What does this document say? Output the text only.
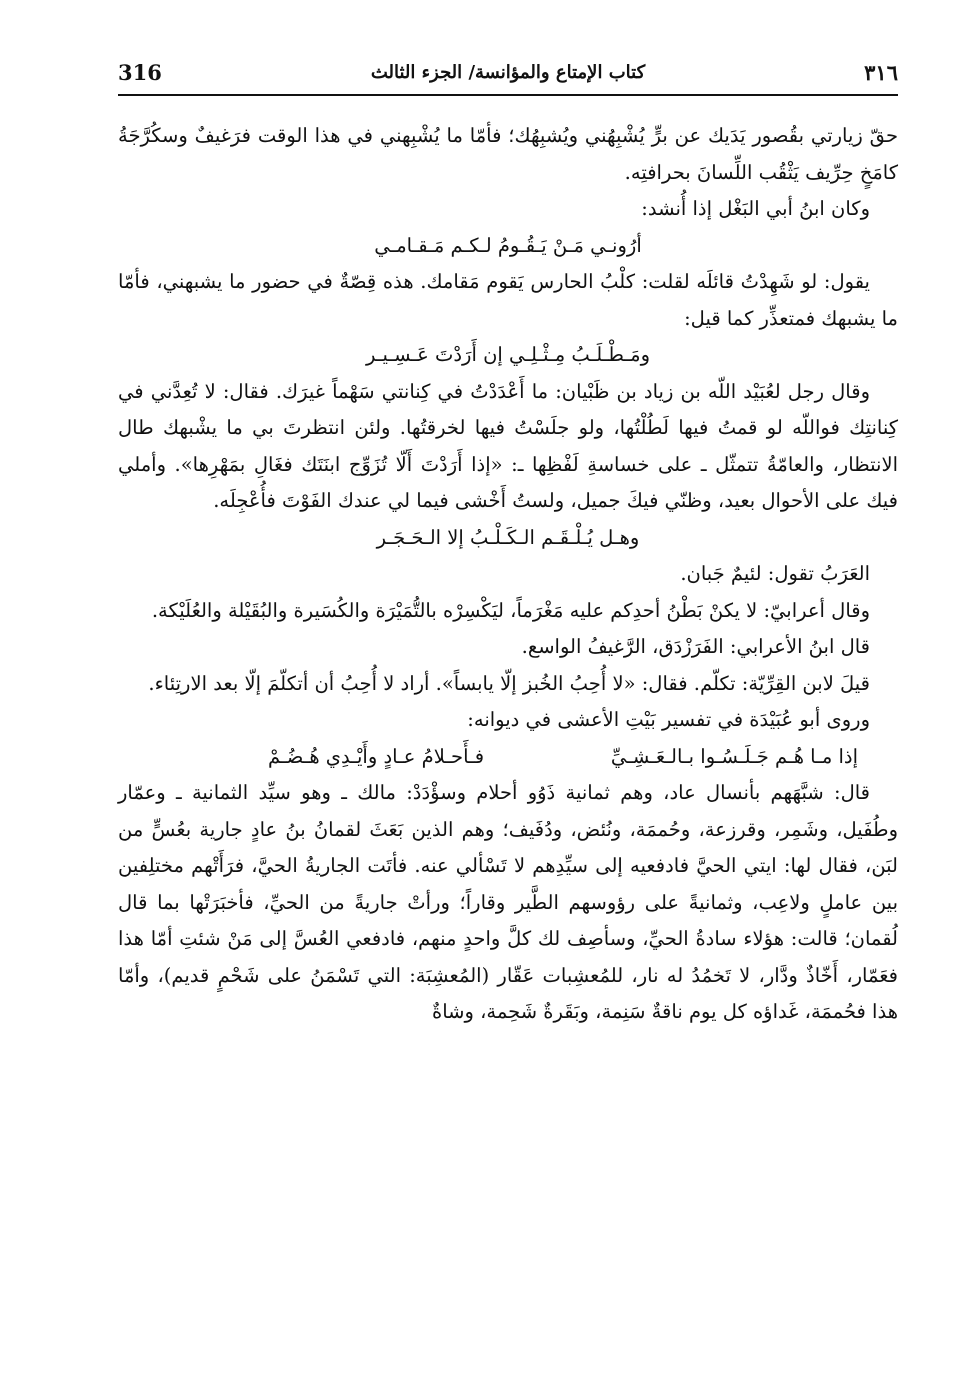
316	كتاب الإمتاع والمؤانسة/ الجزء الثالث	٣١٦

حقّ زيارتي بقُصور يَدَيك عن برٍّ يُشْبِهُني ويُشبِهُك؛ فأمّا ما يُشْبِهني في هذا الوقت فرَغيفٌ وسكُرَّجَةُ كامَخٍ حِرِّيف يَثْقُب اللِّسانَ بحرافتِه.

وكان ابنُ أبي البَغْل إذا أُنشد:

أرُونـي مَـنْ يَـقُـومُ لـكـم مَـقـامـي

يقول: لو شَهِدْتُ قائلَه لقلت: كلْبُ الحارس يَقوم مَقامك. هذه قِصّةٌ في حضور ما يشبهني، فأمّا ما يشبهك فمتعذِّر كما قيل:

ومَـطْـلَـبُ مِـثْـلِـي إن أَرَدْتَ عَـسِـيـر

وقال رجل لعُبَيْد اللّه بن زياد بن ظَبْيان: ما أَعْدَدْتُ في كِنانتي سَهْماً غيرَك. فقال: لا تُعِدَّني في كِنانتِك فواللّه لو قمتُ فيها لَطُلْتُها، ولو جلَسْتُ فيها لخرقتُها. ولئن انتظرتَ بي ما يشْبهك طال الانتظار، والعامّةُ تتمثّل ـ على خساسةِ لَفْظِها ـ: «إذا أَرَدْتَ أَلّا تُزَوِّج ابنَتَك فغَالِ بمَهْرِها». وأملي فيك على الأحوال بعيد، وظنّي فيكَ جميل، ولستُ أَخْشى فيما لي عندك الفَوْتَ فأُعْجِلَه.

وهـل يُـلْـقَـم الـكَـلْـبُ إلا الـحَـجَـر

العَرَبُ تقول: لئيمٌ جَبان.

وقال أعرابيّ: لا يكنْ بَطْنُ أحدِكم عليه مَغْرَماً، ليَكْسِرْه بالتُّمَيْرَة والكُسَيرة والبُقَيْلة والعُلَيْكة.

قال ابنُ الأعرابي: الفَرَزْدَق، الرَّغيفُ الواسع.

قيلَ لابن القِرِّيّة: تكلّم. فقال: «لا أُحِبُ الخُبز إلّا يابساً». أراد لا أُحِبُ أن أتكلّمَ إلّا بعد الارتِئاء.

وروى أبو عُبَيْدَة في تفسير بَيْتِ الأعشى في ديوانه:

إذا مـا هُـم جَـلَـسُـوا بـالـعَـشِـيِّ
فـأَحـلامُ عـادٍ وأَيْـدِي هُـضُـمْ

قال: شبَّهَهم بأنسال عاد، وهم ثمانية ذَوُو أحلام وسؤْدَدْ: مالك ـ وهو سيِّد الثمانية ـ وعمّار وطُفَيل، وشَمِر، وقرزعة، وحُممَة، ونُئض، ودُفَيف؛ وهم الذين بَعَثَ لقمانُ بنُ عادٍ جارية بعُسٍّ من لبَن، فقال لها: ايتي الحيَّ فادفعيه إلى سيِّدِهم لا تَسْألي عنه. فأتَت الجاريةُ الحيَّ، فرَأَتْهم مختلِفين بين عاملٍ ولاعِب، وثمانيةً على رؤوسهم الطَّير وقاراً؛ ورأتْ جاريةً من الحيِّ، فأخبَرَتْها بما قال لُقمان؛ قالت: هؤلاء سادةُ الحيِّ، وسأصِف لك كلَّ واحدٍ منهم، فادفعي العُسَّ إلى مَنْ شئتِ أمّا هذا فعَمّار، أَخّاذٌ ودَّار، لا تَخمُدُ له نار، للمُعشِبات عَقّار (المُعشِبَة: التي تَسْمَنُ على شَحْمٍ قديم)، وأمّا هذا فحُممَة، غَداؤه كل يوم ناقةٌ سَنِمة، وبَقَرةٌ شَحِمة، وشاةٌ
